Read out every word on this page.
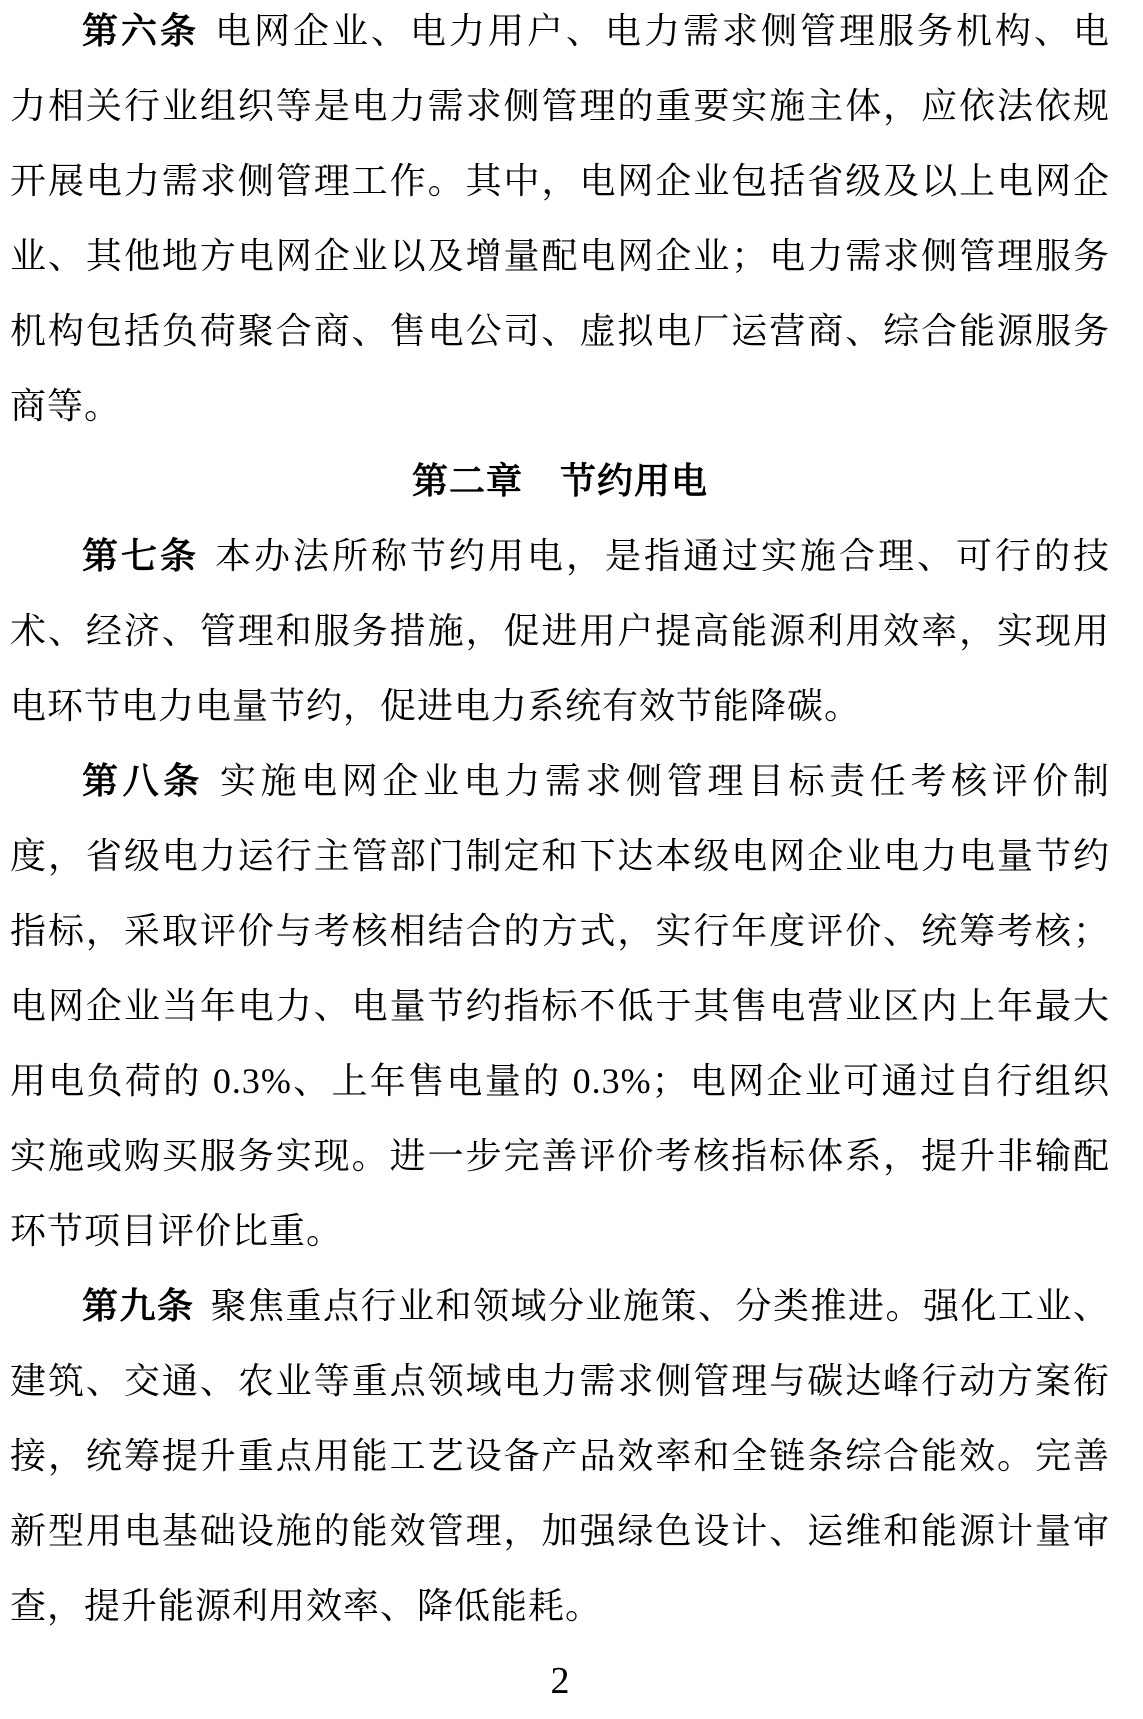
第六条 电网企业、电力用户、电力需求侧管理服务机构、电
力相关行业组织等是电力需求侧管理的重要实施主体，应依法依规
开展电力需求侧管理工作。其中，电网企业包括省级及以上电网企
业、其他地方电网企业以及增量配电网企业；电力需求侧管理服务
机构包括负荷聚合商、售电公司、虚拟电厂运营商、综合能源服务
商等。
第二章　节约用电
第七条 本办法所称节约用电，是指通过实施合理、可行的技
术、经济、管理和服务措施，促进用户提高能源利用效率，实现用
电环节电力电量节约，促进电力系统有效节能降碳。
第八条 实施电网企业电力需求侧管理目标责任考核评价制
度，省级电力运行主管部门制定和下达本级电网企业电力电量节约
指标，采取评价与考核相结合的方式，实行年度评价、统筹考核；
电网企业当年电力、电量节约指标不低于其售电营业区内上年最大
用电负荷的 0.3%、上年售电量的 0.3%；电网企业可通过自行组织
实施或购买服务实现。进一步完善评价考核指标体系，提升非输配
环节项目评价比重。
第九条 聚焦重点行业和领域分业施策、分类推进。强化工业、
建筑、交通、农业等重点领域电力需求侧管理与碳达峰行动方案衔
接，统筹提升重点用能工艺设备产品效率和全链条综合能效。完善
新型用电基础设施的能效管理，加强绿色设计、运维和能源计量审
查，提升能源利用效率、降低能耗。
2
